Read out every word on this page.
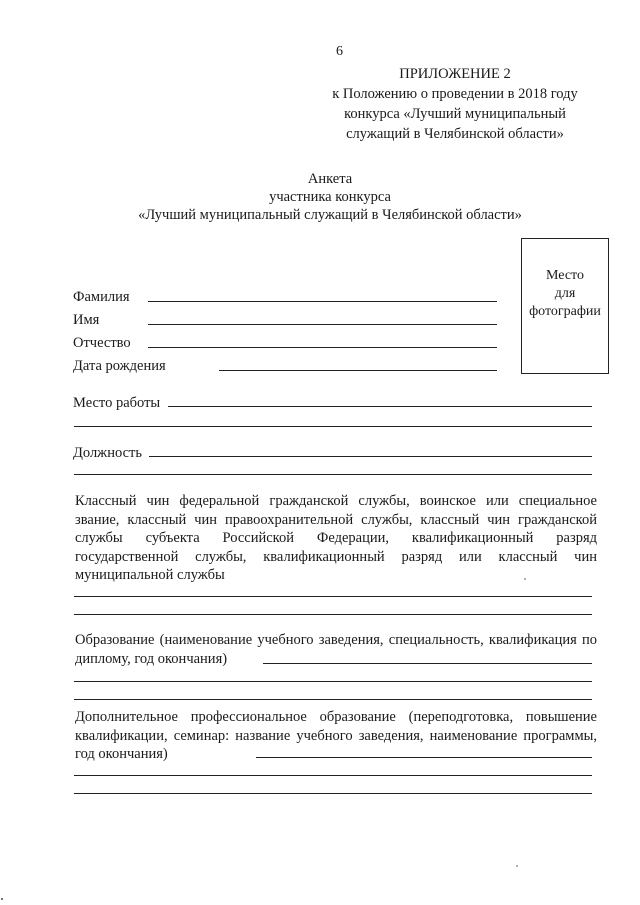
6
ПРИЛОЖЕНИЕ 2
к Положению о проведении в 2018 году
конкурса «Лучший муниципальный
служащий в Челябинской области»
Анкета
участника конкурса
«Лучший муниципальный служащий в Челябинской области»
Место
для
фотографии
Фамилия
Имя
Отчество
Дата рождения
Место работы
Должность
Классный чин федеральной гражданской службы, воинское или специальное звание, классный чин правоохранительной службы, классный чин гражданской службы субъекта Российской Федерации, квалификационный разряд государственной службы, квалификационный разряд или классный чин муниципальной службы
Образование (наименование учебного заведения, специальность, квалификация по диплому, год окончания)
Дополнительное профессиональное образование (переподготовка, повышение квалификации, семинар: название учебного заведения, наименование программы, год окончания)
